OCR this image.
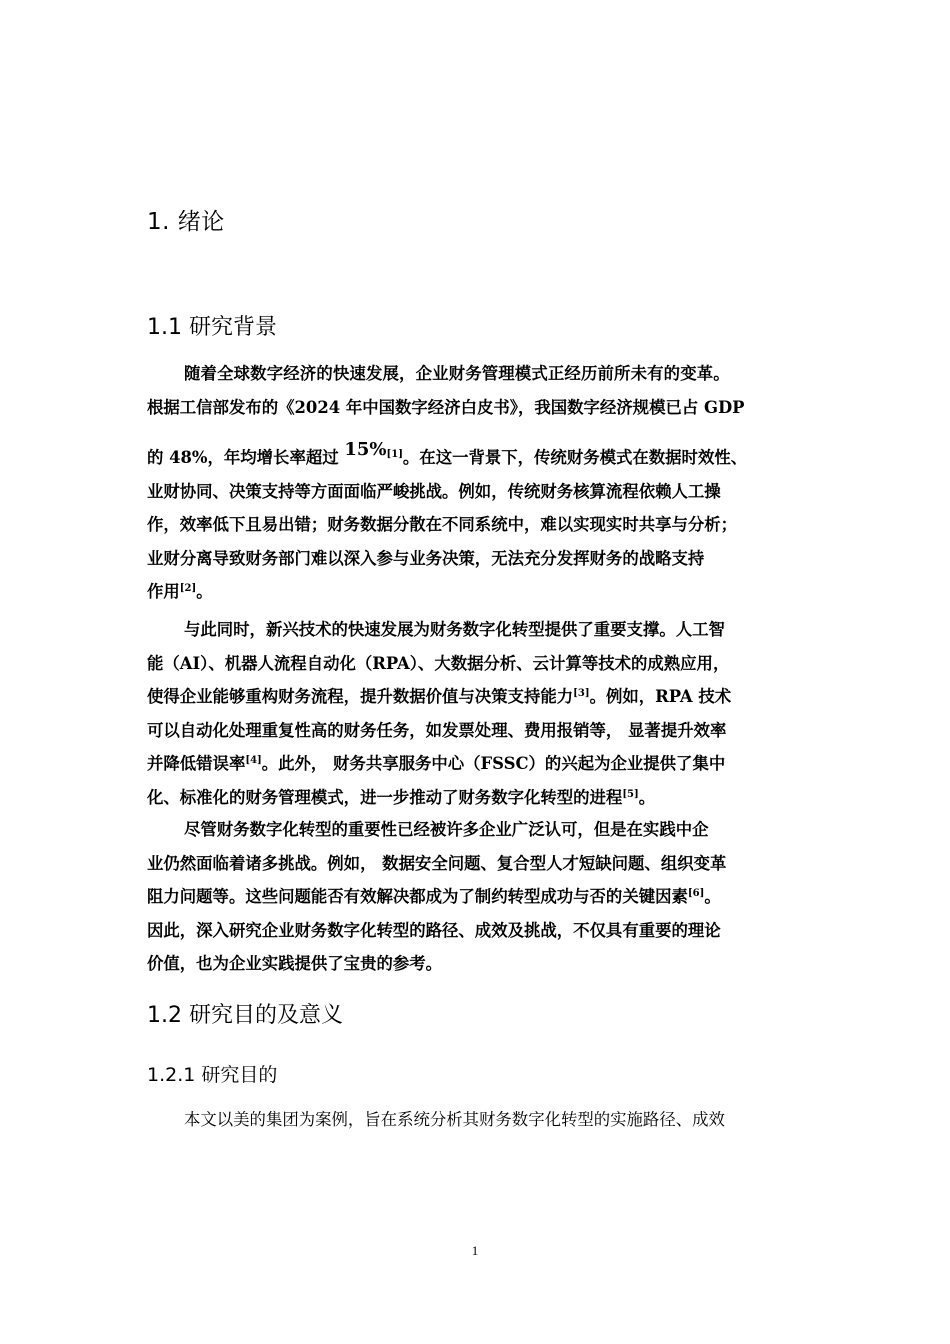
1. 绪论
1.1 研究背景
随着全球数字经济的快速发展，企业财务管理模式正经历前所未有的变革。
根据工信部发布的《2024 年中国数字经济白皮书》，我国数字经济规模已占 GDP
的 48%，年均增长率超过 15%[1]。在这一背景下，传统财务模式在数据时效性、
业财协同、决策支持等方面面临严峻挑战。例如，传统财务核算流程依赖人工操
作，效率低下且易出错；财务数据分散在不同系统中，难以实现实时共享与分析；
业财分离导致财务部门难以深入参与业务决策，无法充分发挥财务的战略支持
作用[2]。
与此同时，新兴技术的快速发展为财务数字化转型提供了重要支撑。人工智
能（AI）、机器人流程自动化（RPA）、大数据分析、云计算等技术的成熟应用，
使得企业能够重构财务流程，提升数据价值与决策支持能力[3]。例如，RPA 技术
可以自动化处理重复性高的财务任务，如发票处理、费用报销等， 显著提升效率
并降低错误率[4]。此外， 财务共享服务中心（FSSC）的兴起为企业提供了集中
化、标准化的财务管理模式，进一步推动了财务数字化转型的进程[5]。
尽管财务数字化转型的重要性已经被许多企业广泛认可，但是在实践中企
业仍然面临着诸多挑战。例如， 数据安全问题、复合型人才短缺问题、组织变革
阻力问题等。这些问题能否有效解决都成为了制约转型成功与否的关键因素[6]。
因此，深入研究企业财务数字化转型的路径、成效及挑战，不仅具有重要的理论
价值，也为企业实践提供了宝贵的参考。
1.2 研究目的及意义
1.2.1 研究目的
本文以美的集团为案例，旨在系统分析其财务数字化转型的实施路径、成效
1
